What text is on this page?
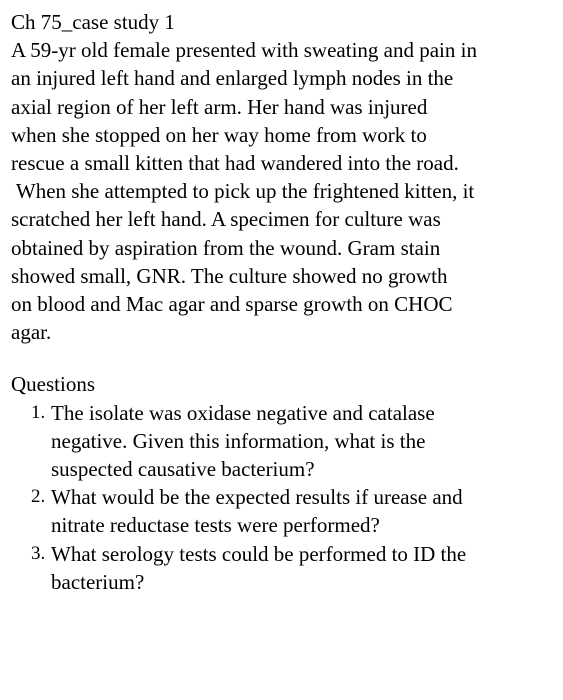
Ch 75_case study 1

A 59-yr old female presented with sweating and pain in
an injured left hand and enlarged lymph nodes in the
axial region of her left arm. Her hand was injured
when she stopped on her way home from work to
rescue a small kitten that had wandered into the road.
When she attempted to pick up the frightened kitten, it
scratched her left hand. A specimen for culture was
obtained by aspiration from the wound. Gram stain
showed small, GNR. The culture showed no growth
on blood and Mac agar and sparse growth on CHOC
agar.

Questions

1. The isolate was oxidase negative and catalase
negative. Given this information, what is the
suspected causative bacterium?
2. What would be the expected results if urease and
nitrate reductase tests were performed?
3. What serology tests could be performed to ID the
bacterium?
